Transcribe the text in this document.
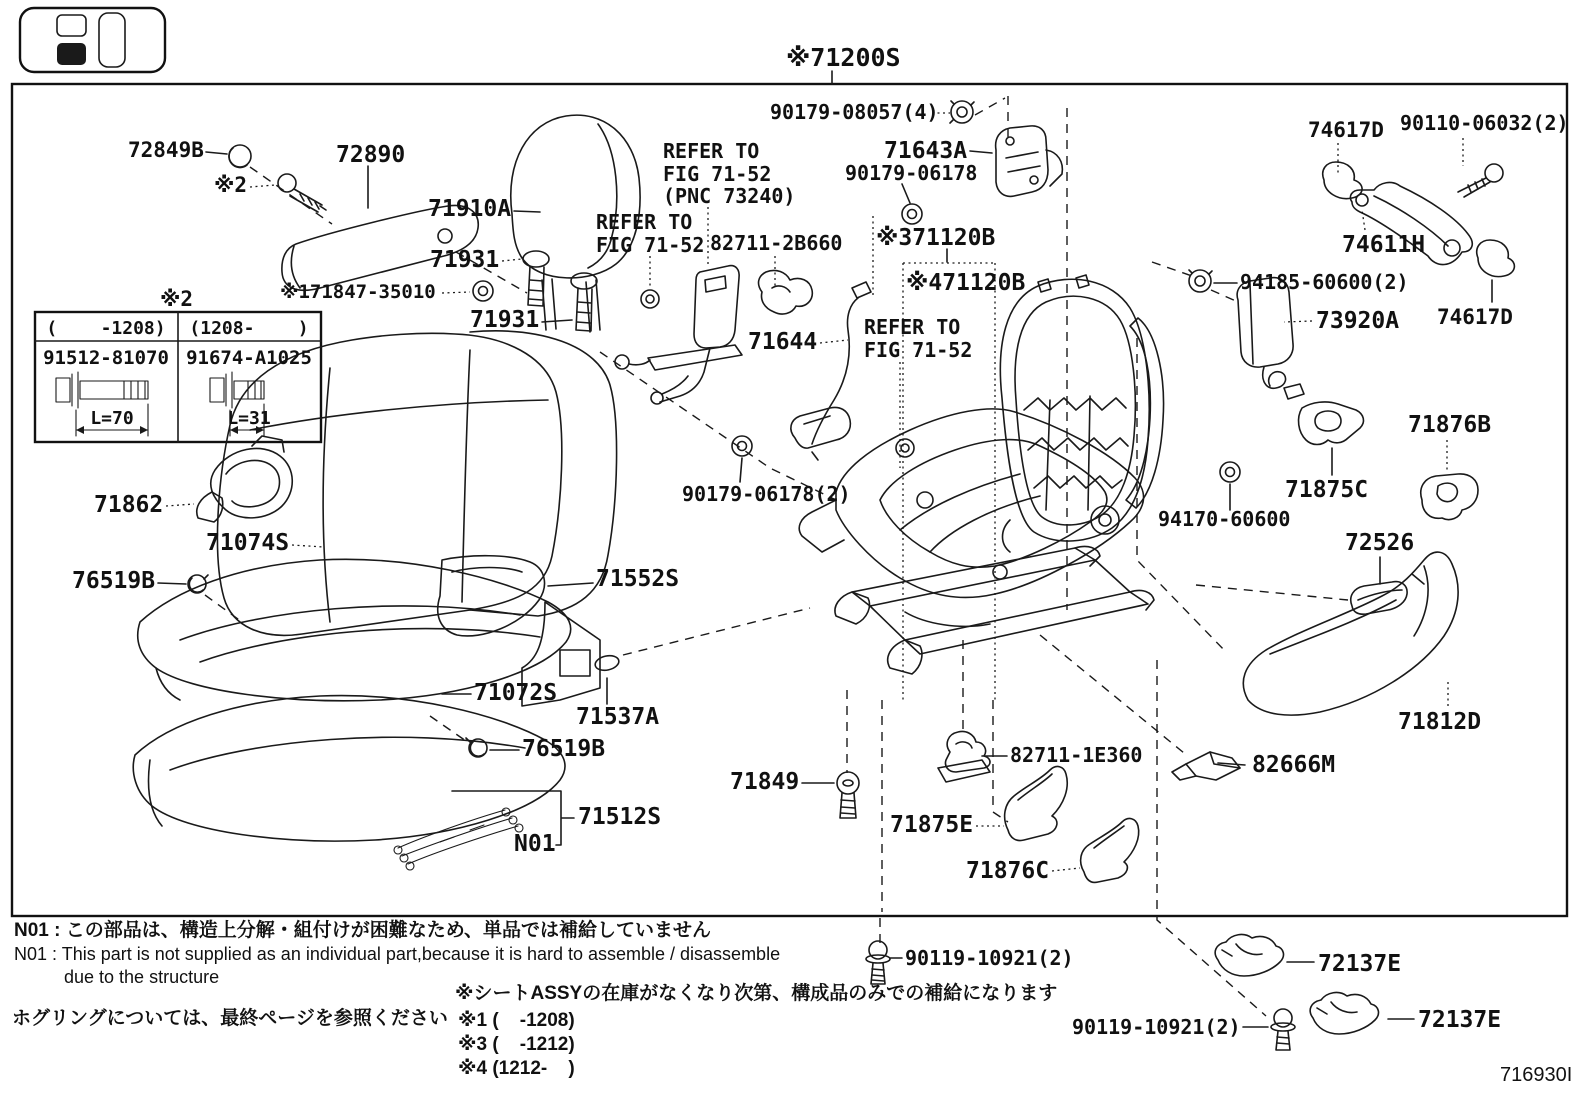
※71200S
90179-08057(4)
71643A
90179-06178
74617D 90110-06032(2)
74611H
74617D
94185-60600(2)
73920A
71876B
71875C
94170-60600
72526
71812D
82666M
72849B
※2
72890
71910A
71931
※171847-35010
71931
REFER TO
FIG 71-52
(PNC 73240)
REFER TO
FIG 71-52 82711-2B660 ※371120B
※471120B
REFER TO
FIG 71-52
71644
90179-06178(2)
71862
71074S
76519B	71552S
71072S
71537A
76519B
71512S
N01
71849
82711-1E360
71875E
71876C
90119-10921(2)	72137E
90119-10921(2)	72137E
716930I
※2
(    -1208) (1208-    )
91512-81070 91674-A1025
L=70	L=31
N01 : この部品は、構造上分解・組付けが困難なため、単品では補給していません
N01 : This part is not supplied as an individual part,because it is hard to assemble / disassemble
due to the structure
ホグリングについては、最終ページを参照ください
※シートASSYの在庫がなくなり次第、構成品のみでの補給になります
※1 (    -1208)
※3 (    -1212)
※4 (1212-    )
